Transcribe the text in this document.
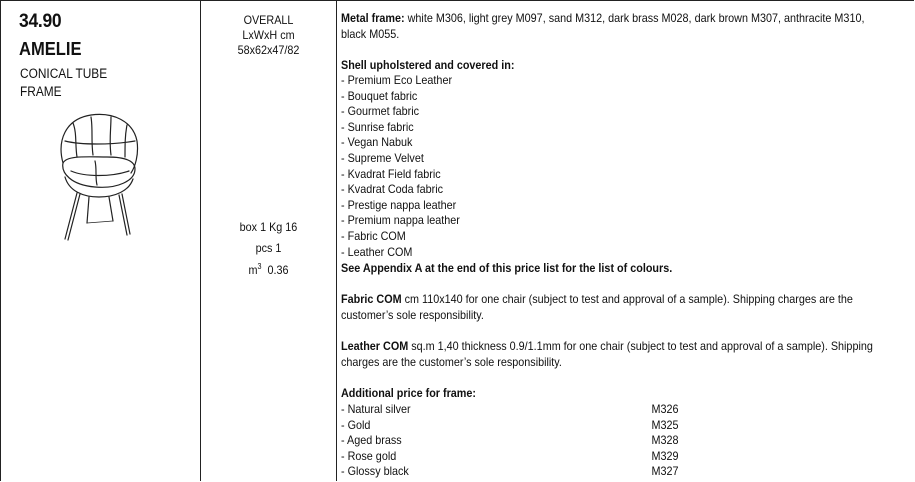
34.90
AMELIE
CONICAL TUBE
FRAME
OVERALL
LxWxH cm
58x62x47/82
box 1 Kg 16
pcs 1
$m^3$ 0.36
Metal frame: white M306, light grey M097, sand M312, dark brass M028, dark brown M307, anthracite M310,
black M055.
Shell upholstered and covered in:
- Premium Eco Leather
- Bouquet fabric
- Gourmet fabric
- Sunrise fabric
- Vegan Nabuk
- Supreme Velvet
- Kvadrat Field fabric
- Kvadrat Coda fabric
- Prestige nappa leather
- Premium nappa leather
- Fabric COM
- Leather COM
See Appendix A at the end of this price list for the list of colours.
Fabric COM cm 110x140 for one chair (subject to test and approval of a sample). Shipping charges are the
customer’s sole responsibility.
Leather COM sq.m 1,40 thickness 0.9/1.1mm for one chair (subject to test and approval of a sample). Shipping
charges are the customer’s sole responsibility.
Additional price for frame:
- Natural silver	M326
- Gold	M325
- Aged brass	M328
- Rose gold	M329
- Glossy black	M327
